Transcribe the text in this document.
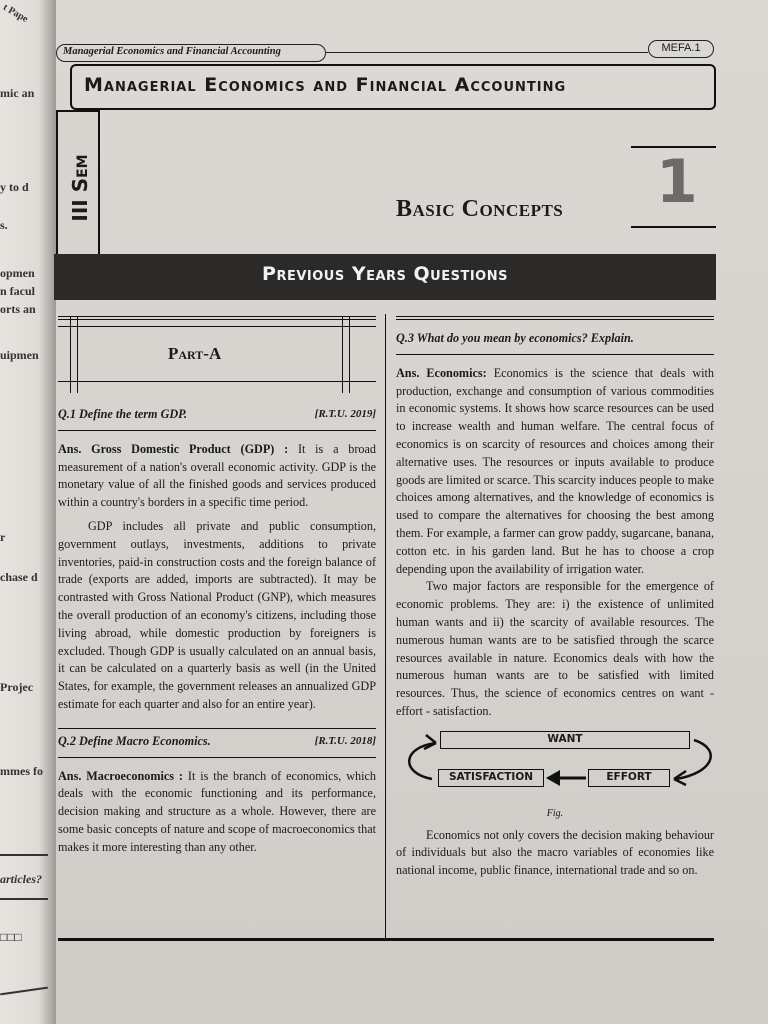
t Pape
mic an
y to d
s.
opmen
n facul
orts an
uipmen
r
chase d
Projec
mmes fo
articles?
□□□
Managerial Economics and Financial Accounting	MEFA.1
Managerial Economics and Financial Accounting
III Sem	Basic Concepts 1
Previous Years Questions
Part-A
Q.1 Define the term GDP.	[R.T.U. 2019]

Ans. Gross Domestic Product (GDP) : It is a broad measurement of a nation's overall economic activity. GDP is the monetary value of all the finished goods and services produced within a country's borders in a specific time period.

GDP includes all private and public consumption, government outlays, investments, additions to private inventories, paid-in construction costs and the foreign balance of trade (exports are added, imports are subtracted). It may be contrasted with Gross National Product (GNP), which measures the overall production of an economy's citizens, including those living abroad, while domestic production by foreigners is excluded. Though GDP is usually calculated on an annual basis, it can be calculated on a quarterly basis as well (in the United States, for example, the government releases an annualized GDP estimate for each quarter and also for an entire year).

Q.2 Define Macro Economics.	[R.T.U. 2018]

Ans. Macroeconomics : It is the branch of economics, which deals with the economic functioning and its performance, decision making and structure as a whole. However, there are some basic concepts of nature and scope of macroeconomics that makes it more interesting than any other.

Q.3 What do you mean by economics? Explain.

Ans. Economics: Economics is the science that deals with production, exchange and consumption of various commodities in economic systems. It shows how scarce resources can be used to increase wealth and human welfare. The central focus of economics is on scarcity of resources and choices among their alternative uses. The resources or inputs available to produce goods are limited or scarce. This scarcity induces people to make choices among alternatives, and the knowledge of economics is used to compare the alternatives for choosing the best among them. For example, a farmer can grow paddy, sugarcane, banana, cotton etc. in his garden land. But he has to choose a crop depending upon the availability of irrigation water.

Two major factors are responsible for the emergence of economic problems. They are: i) the existence of unlimited human wants and ii) the scarcity of available resources. The numerous human wants are to be satisfied through the scarce resources available in nature. Economics deals with how the numerous human wants are to be satisfied with limited resources. Thus, the science of economics centres on want - effort - satisfaction.

WANT
SATISFACTION	EFFORT
Fig.

Economics not only covers the decision making behaviour of individuals but also the macro variables of economies like national income, public finance, international trade and so on.
